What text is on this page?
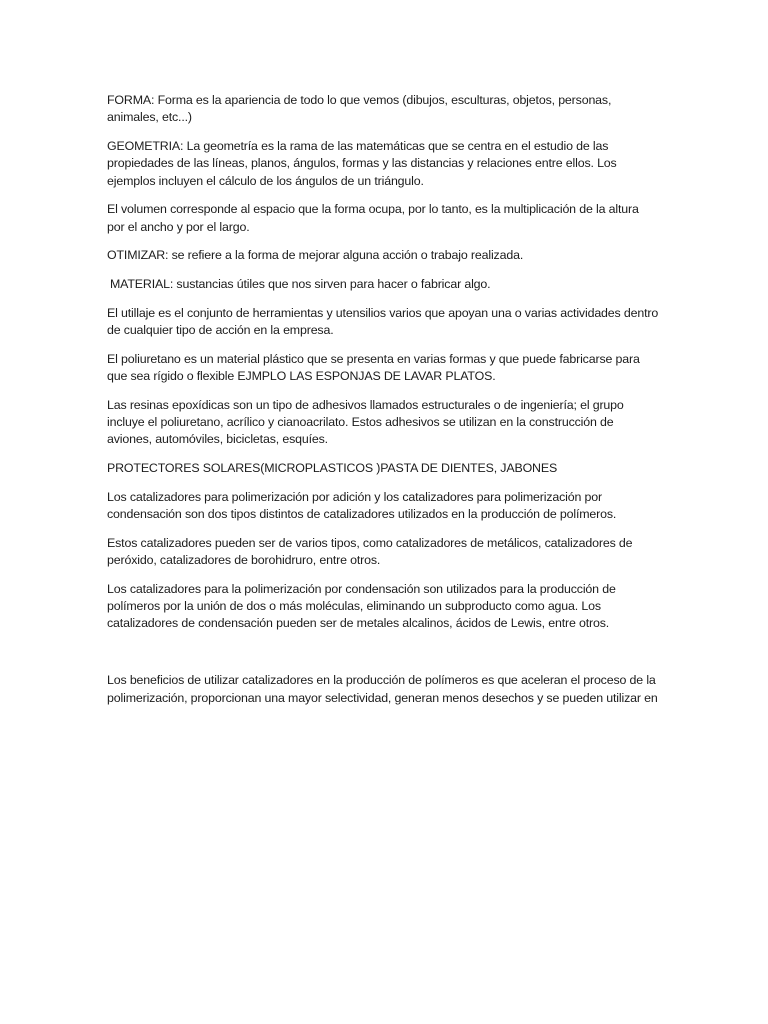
FORMA: Forma es la apariencia de todo lo que vemos (dibujos, esculturas, objetos, personas, animales, etc...)

GEOMETRIA: La geometría es la rama de las matemáticas que se centra en el estudio de las propiedades de las líneas, planos, ángulos, formas y las distancias y relaciones entre ellos. Los ejemplos incluyen el cálculo de los ángulos de un triángulo.

El volumen corresponde al espacio que la forma ocupa, por lo tanto, es la multiplicación de la altura por el ancho y por el largo.

OTIMIZAR: se refiere a la forma de mejorar alguna acción o trabajo realizada.

MATERIAL: sustancias útiles que nos sirven para hacer o fabricar algo.

El utillaje es el conjunto de herramientas y utensilios varios que apoyan una o varias actividades dentro de cualquier tipo de acción en la empresa.

El poliuretano es un material plástico que se presenta en varias formas y que puede fabricarse para que sea rígido o flexible EJMPLO LAS ESPONJAS DE LAVAR PLATOS.

Las resinas epoxídicas son un tipo de adhesivos llamados estructurales o de ingeniería; el grupo incluye el poliuretano, acrílico y cianoacrilato. Estos adhesivos se utilizan en la construcción de aviones, automóviles, bicicletas, esquíes.

PROTECTORES SOLARES(MICROPLASTICOS )PASTA DE DIENTES, JABONES

Los catalizadores para polimerización por adición y los catalizadores para polimerización por condensación son dos tipos distintos de catalizadores utilizados en la producción de polímeros.

Estos catalizadores pueden ser de varios tipos, como catalizadores de metálicos, catalizadores de peróxido, catalizadores de borohidruro, entre otros.

Los catalizadores para la polimerización por condensación son utilizados para la producción de polímeros por la unión de dos o más moléculas, eliminando un subproducto como agua. Los catalizadores de condensación pueden ser de metales alcalinos, ácidos de Lewis, entre otros.

Los beneficios de utilizar catalizadores en la producción de polímeros es que aceleran el proceso de la polimerización, proporcionan una mayor selectividad, generan menos desechos y se pueden utilizar en
